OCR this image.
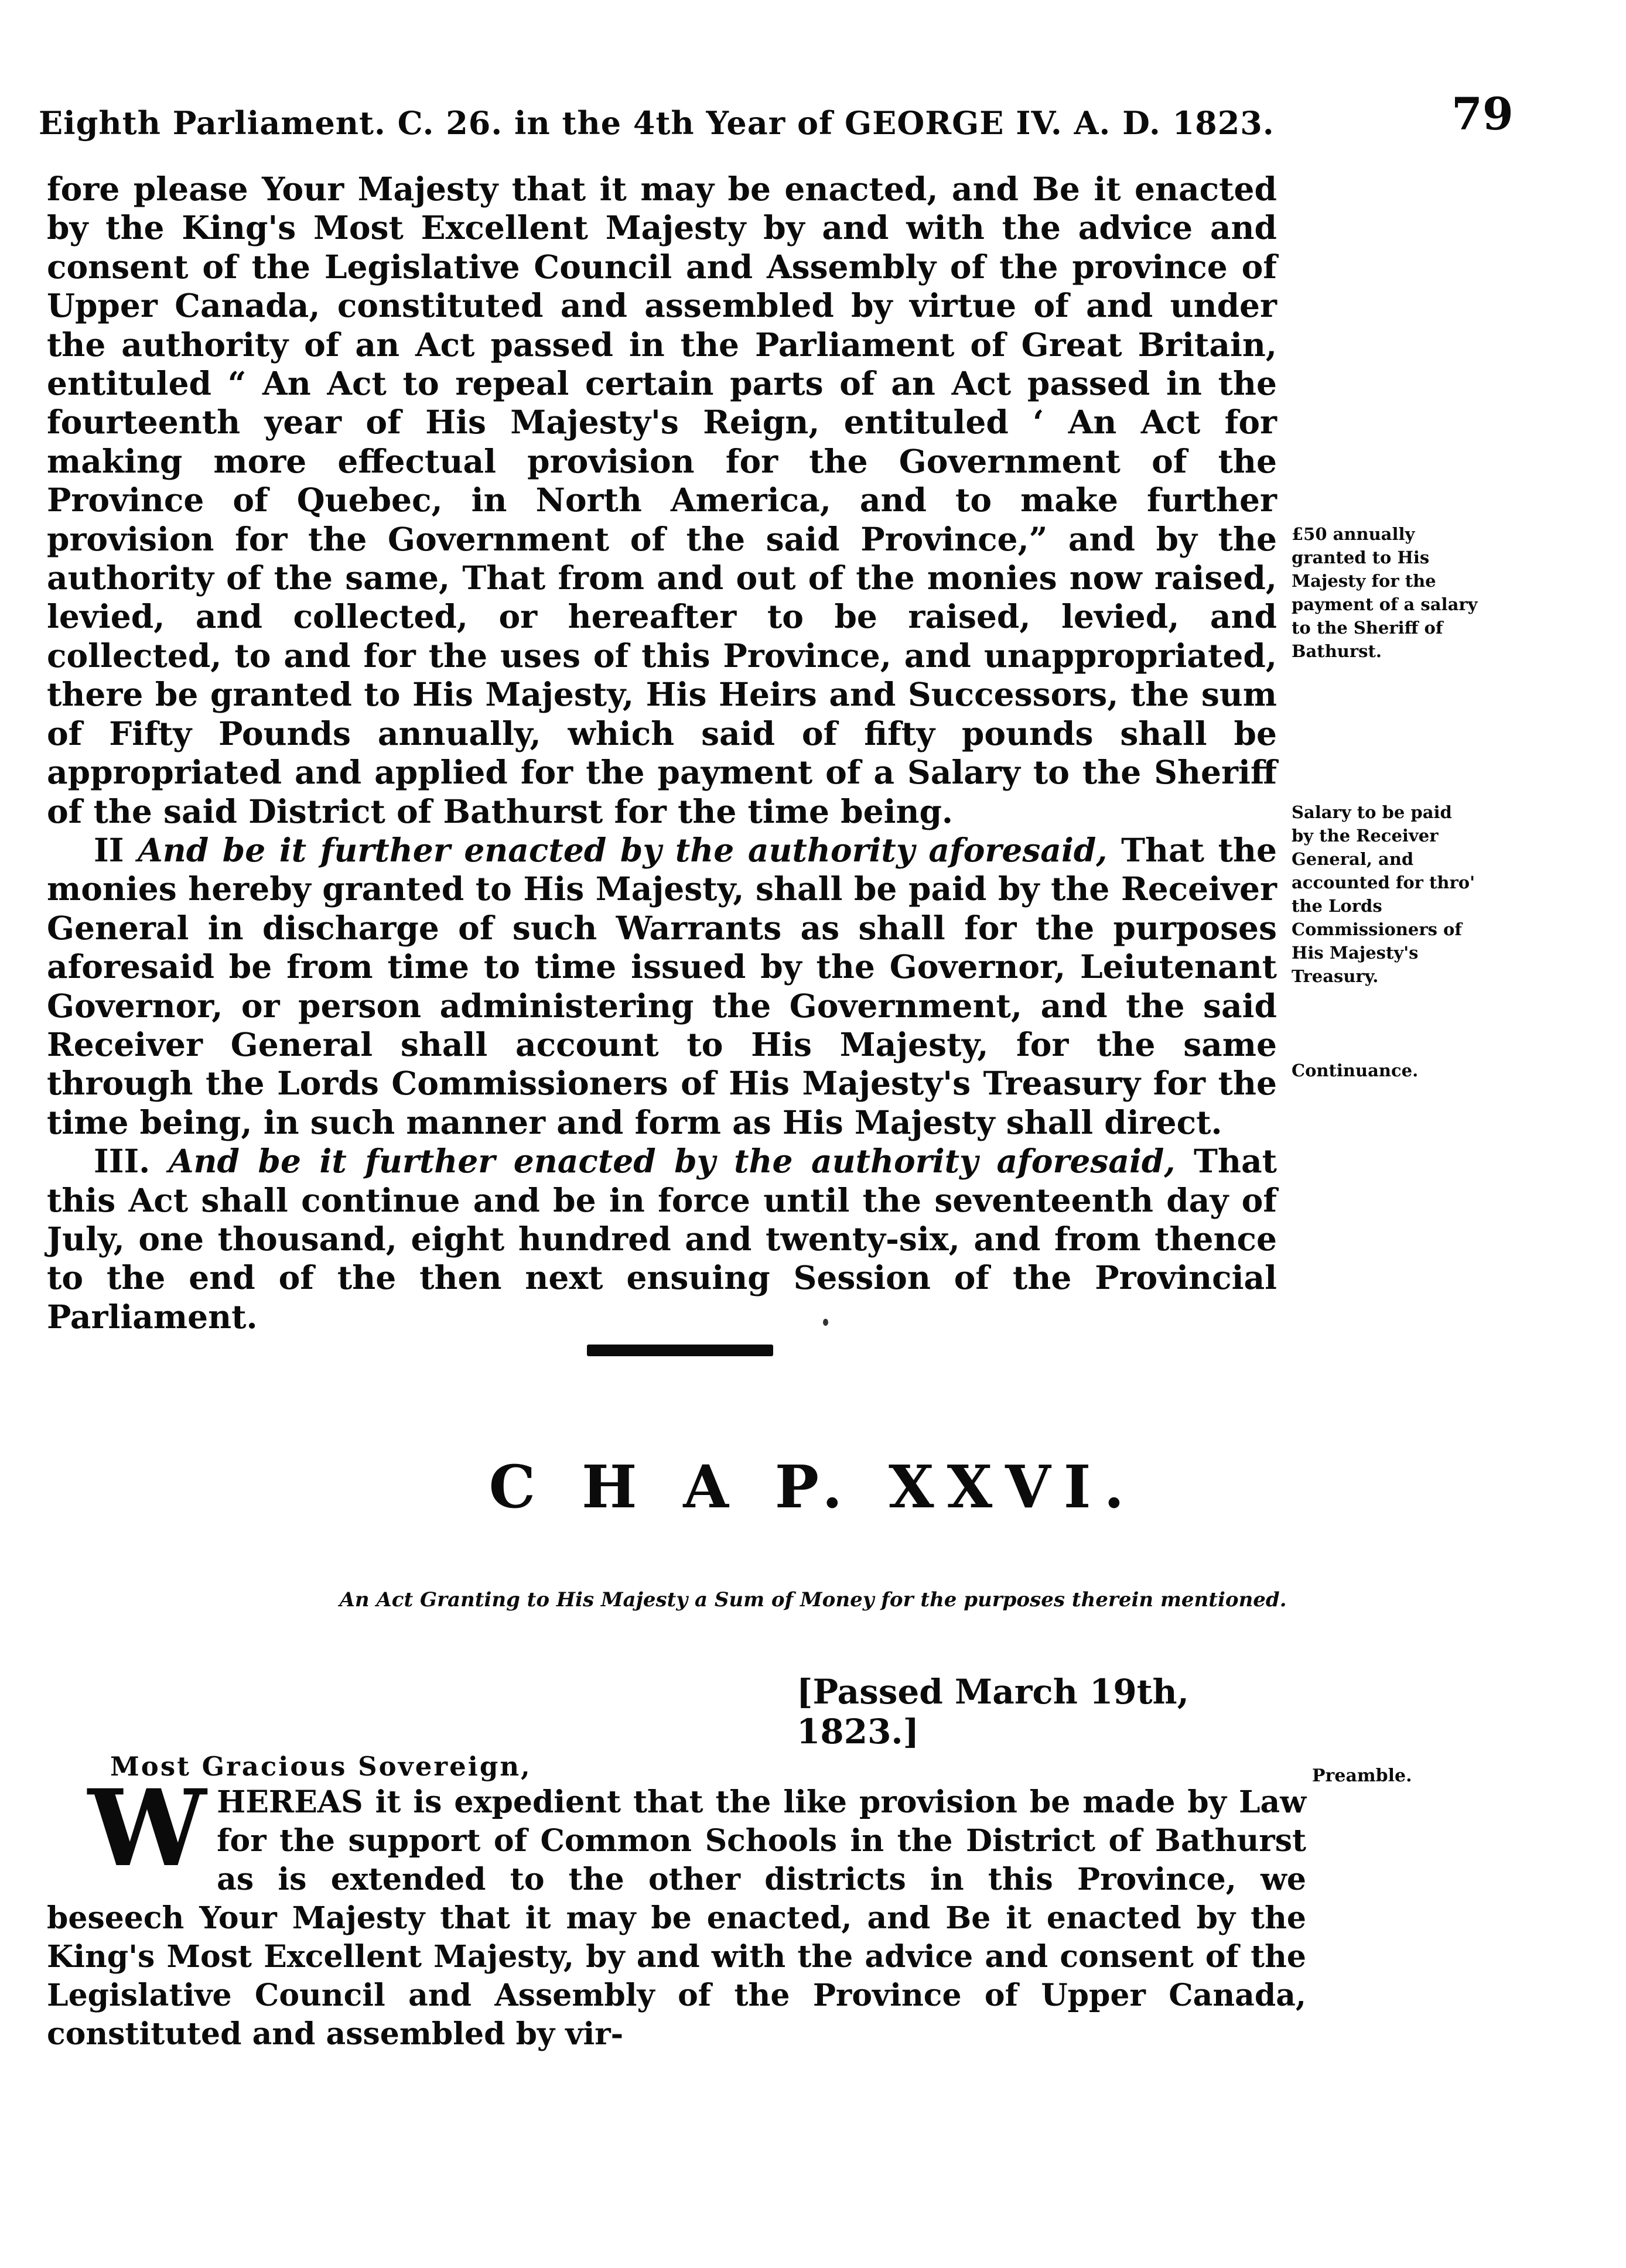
Eighth Parliament. C. 26. in the 4th Year of GEORGE IV. A. D. 1823.	79

fore please Your Majesty that it may be enacted, and Be it enacted by the King's Most Excellent Majesty by and with the advice and consent of the Legislative Council and Assembly of the province of Upper Canada, constituted and assembled by virtue of and under the authority of an Act passed in the Parliament of Great Britain, entituled “ An Act to repeal certain parts of an Act passed in the fourteenth year of His Majesty's Reign, entituled ‘ An Act for making more effectual provision for the Government of the Province of Quebec, in North America, and to make further provision for the Government of the said Province,” and by the authority of the same, That from and out of the monies now raised, levied, and collected, or hereafter to be raised, levied, and collected, to and for the uses of this Province, and unappropriated, there be granted to His Majesty, His Heirs and Successors, the sum of Fifty Pounds annually, which said of fifty pounds shall be appropriated and applied for the payment of a Salary to the Sheriff of the said District of Bathurst for the time being.

II And be it further enacted by the authority aforesaid, That the monies hereby granted to His Majesty, shall be paid by the Receiver General in discharge of such Warrants as shall for the purposes aforesaid be from time to time issued by the Governor, Leiutenant Governor, or person administering the Government, and the said Receiver General shall account to His Majesty, for the same through the Lords Commissioners of His Majesty's Treasury for the time being, in such manner and form as His Majesty shall direct.

III. And be it further enacted by the authority aforesaid, That this Act shall continue and be in force until the seventeenth day of July, one thousand, eight hundred and twenty-six, and from thence to the end of the then next ensuing Session of the Provincial Parliament.

£50 annually granted to His Majesty for the payment of a salary to the Sheriff of Bathurst.
Salary to be paid by the Receiver General, and accounted for thro' the Lords Commissioners of His Majesty's Treasury.
Continuance.
C H A P. XXVI.
An Act Granting to His Majesty a Sum of Money for the purposes therein mentioned.
[Passed March 19th, 1823.]
Most Gracious Sovereign,	Preamble.
W HEREAS it is expedient that the like provision be made by Law for the support of Common Schools in the District of Bathurst as is extended to the other districts in this Province, we beseech Your Majesty that it may be enacted, and Be it enacted by the King's Most Excellent Majesty, by and with the advice and consent of the Legislative Council and Assembly of the Province of Upper Canada, constituted and assembled by vir-
